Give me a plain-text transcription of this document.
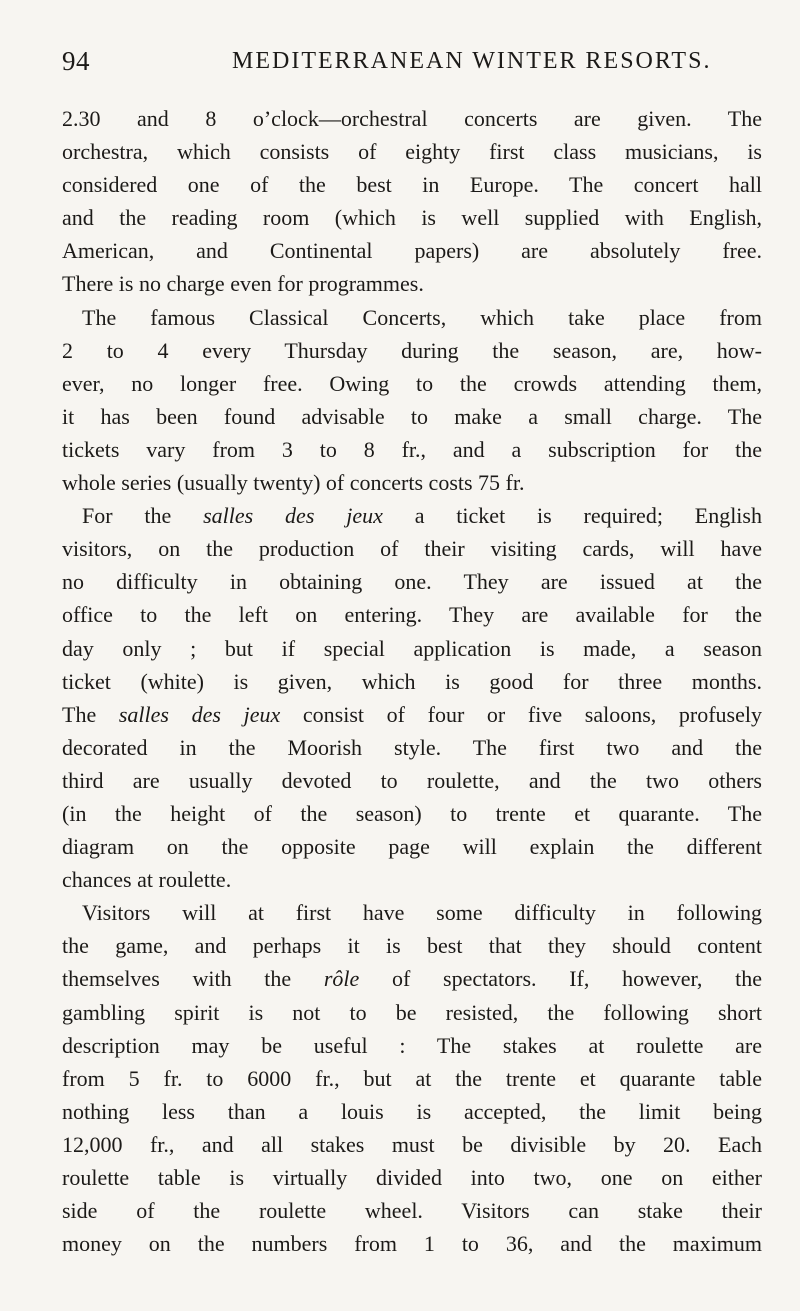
94	MEDITERRANEAN WINTER RESORTS.
2.30 and 8 o’clock—orchestral concerts are given. The
orchestra, which consists of eighty first class musicians, is
considered one of the best in Europe. The concert hall
and the reading room (which is well supplied with English,
American, and Continental papers) are absolutely free.
There is no charge even for programmes.
The famous Classical Concerts, which take place from
2 to 4 every Thursday during the season, are, how-
ever, no longer free. Owing to the crowds attending them,
it has been found advisable to make a small charge. The
tickets vary from 3 to 8 fr., and a subscription for the
whole series (usually twenty) of concerts costs 75 fr.
For the salles des jeux a ticket is required; English
visitors, on the production of their visiting cards, will have
no difficulty in obtaining one. They are issued at the
office to the left on entering. They are available for the
day only ; but if special application is made, a season
ticket (white) is given, which is good for three months.
The salles des jeux consist of four or five saloons, profusely
decorated in the Moorish style. The first two and the
third are usually devoted to roulette, and the two others
(in the height of the season) to trente et quarante. The
diagram on the opposite page will explain the different
chances at roulette.
Visitors will at first have some difficulty in following
the game, and perhaps it is best that they should content
themselves with the rôle of spectators. If, however, the
gambling spirit is not to be resisted, the following short
description may be useful : The stakes at roulette are
from 5 fr. to 6000 fr., but at the trente et quarante table
nothing less than a louis is accepted, the limit being
12,000 fr., and all stakes must be divisible by 20. Each
roulette table is virtually divided into two, one on either
side of the roulette wheel. Visitors can stake their
money on the numbers from 1 to 36, and the maximum
